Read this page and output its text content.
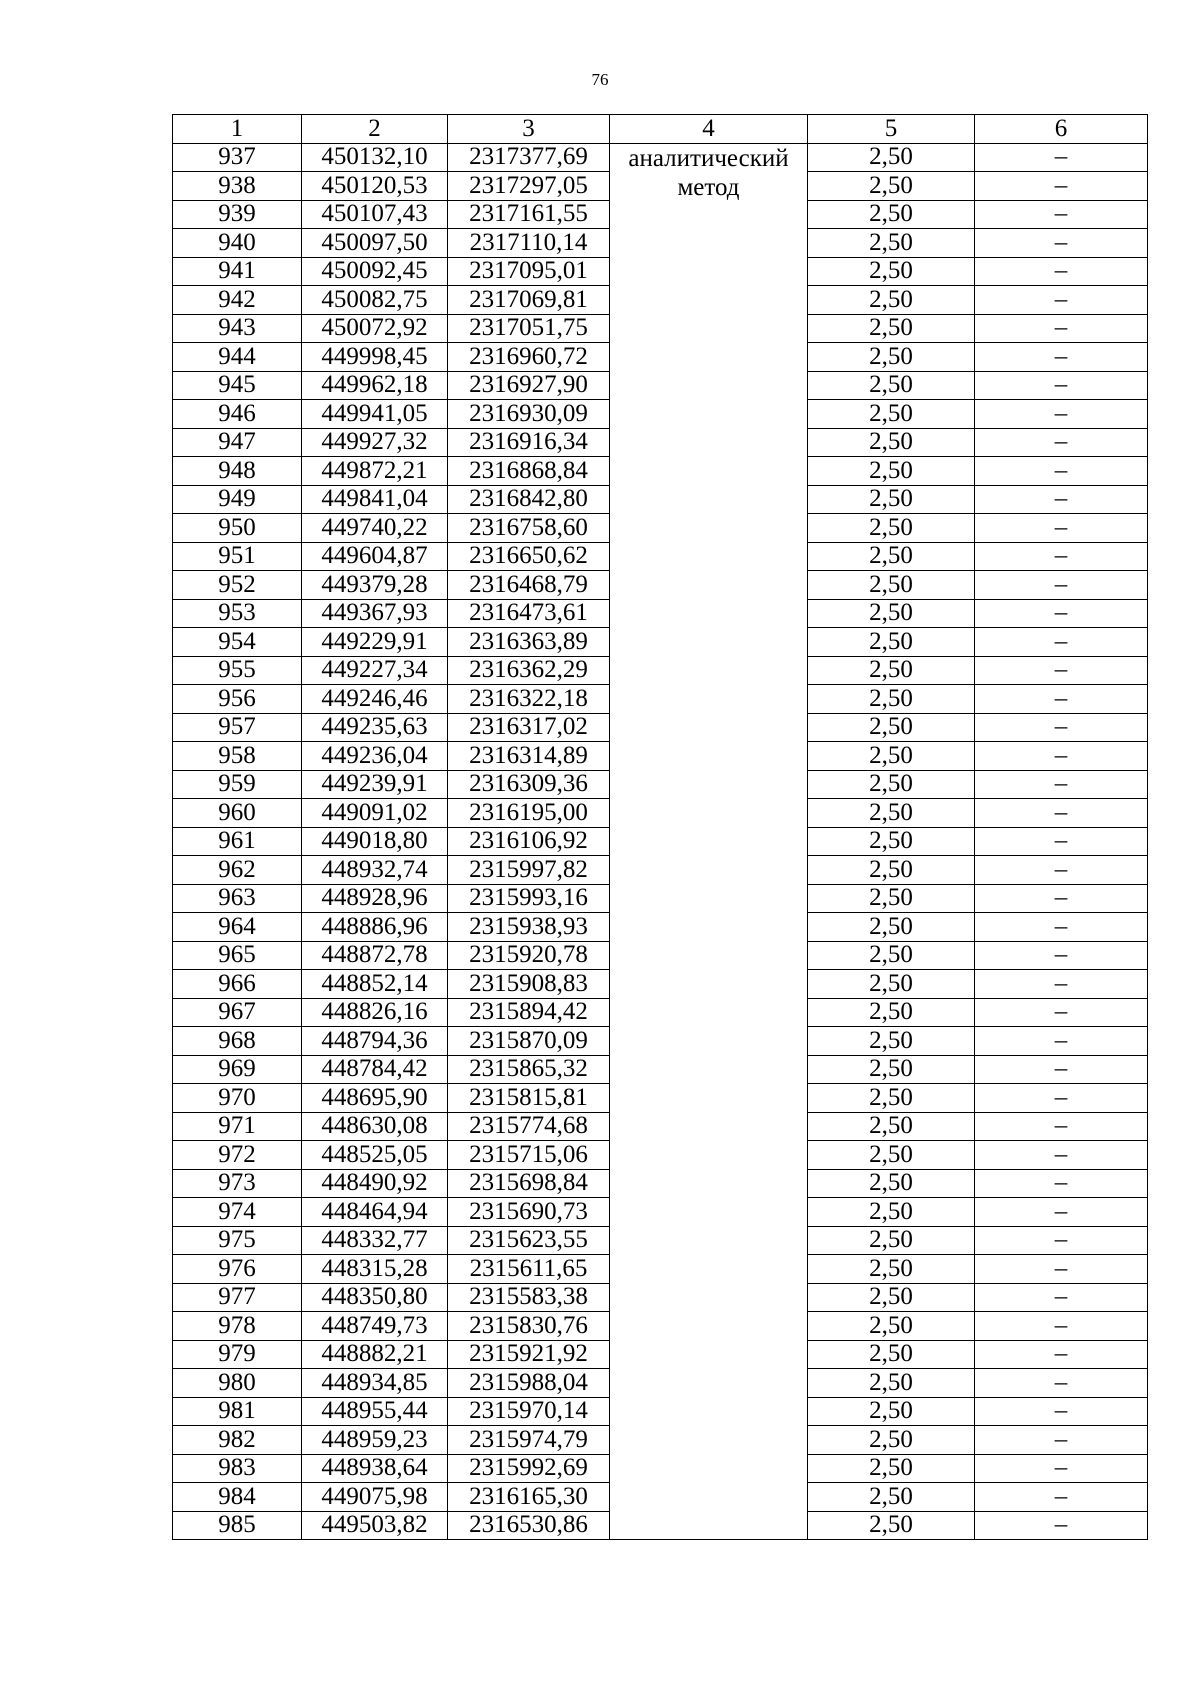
76
1	2	3	4	5	6
937	450132,10	2317377,69	аналитический метод	2,50	–
938	450120,53	2317297,05		2,50	–
939	450107,43	2317161,55		2,50	–
940	450097,50	2317110,14		2,50	–
941	450092,45	2317095,01		2,50	–
942	450082,75	2317069,81		2,50	–
943	450072,92	2317051,75		2,50	–
944	449998,45	2316960,72		2,50	–
945	449962,18	2316927,90		2,50	–
946	449941,05	2316930,09		2,50	–
947	449927,32	2316916,34		2,50	–
948	449872,21	2316868,84		2,50	–
949	449841,04	2316842,80		2,50	–
950	449740,22	2316758,60		2,50	–
951	449604,87	2316650,62		2,50	–
952	449379,28	2316468,79		2,50	–
953	449367,93	2316473,61		2,50	–
954	449229,91	2316363,89		2,50	–
955	449227,34	2316362,29		2,50	–
956	449246,46	2316322,18		2,50	–
957	449235,63	2316317,02		2,50	–
958	449236,04	2316314,89		2,50	–
959	449239,91	2316309,36		2,50	–
960	449091,02	2316195,00		2,50	–
961	449018,80	2316106,92		2,50	–
962	448932,74	2315997,82		2,50	–
963	448928,96	2315993,16		2,50	–
964	448886,96	2315938,93		2,50	–
965	448872,78	2315920,78		2,50	–
966	448852,14	2315908,83		2,50	–
967	448826,16	2315894,42		2,50	–
968	448794,36	2315870,09		2,50	–
969	448784,42	2315865,32		2,50	–
970	448695,90	2315815,81		2,50	–
971	448630,08	2315774,68		2,50	–
972	448525,05	2315715,06		2,50	–
973	448490,92	2315698,84		2,50	–
974	448464,94	2315690,73		2,50	–
975	448332,77	2315623,55		2,50	–
976	448315,28	2315611,65		2,50	–
977	448350,80	2315583,38		2,50	–
978	448749,73	2315830,76		2,50	–
979	448882,21	2315921,92		2,50	–
980	448934,85	2315988,04		2,50	–
981	448955,44	2315970,14		2,50	–
982	448959,23	2315974,79		2,50	–
983	448938,64	2315992,69		2,50	–
984	449075,98	2316165,30		2,50	–
985	449503,82	2316530,86		2,50	–
